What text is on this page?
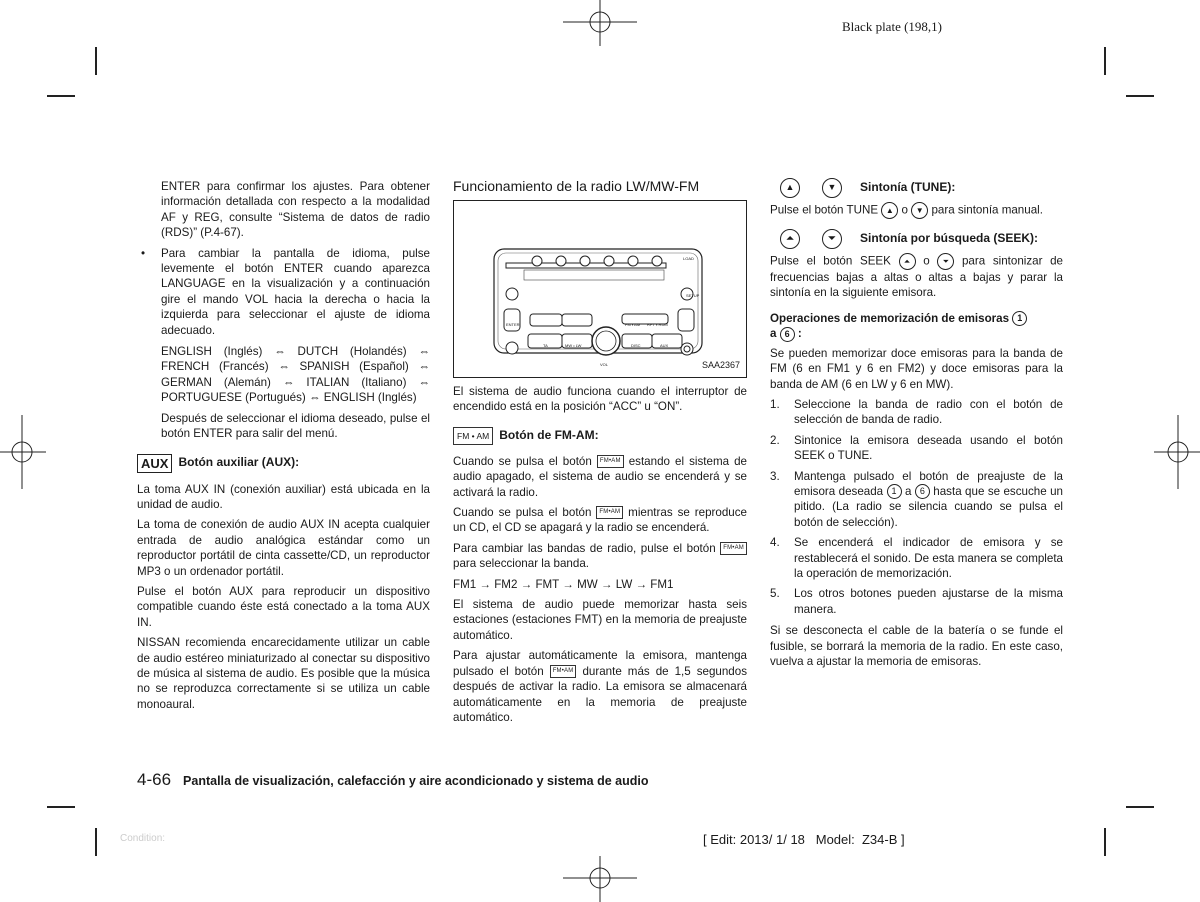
Black plate (198,1)

ENTER para confirmar los ajustes. Para obtener información detallada con respecto a la modalidad AF y REG, consulte “Sistema de datos de radio (RDS)” (P.4-67).

• Para cambiar la pantalla de idioma, pulse levemente el botón ENTER cuando aparezca LANGUAGE en la visualización y a continuación gire el mando VOL hacia la derecha o hacia la izquierda para seleccionar el ajuste de idioma adecuado.

ENGLISH (Inglés) ⇔ DUTCH (Holandés) ⇔ FRENCH (Francés) ⇔ SPANISH (Español) ⇔ GERMAN (Alemán) ⇔ ITALIAN (Italiano) ⇔ PORTUGUESE (Portugués) ⇔ ENGLISH (Inglés)

Después de seleccionar el idioma deseado, pulse el botón ENTER para salir del menú.

AUX Botón auxiliar (AUX):

La toma AUX IN (conexión auxiliar) está ubicada en la unidad de audio.

La toma de conexión de audio AUX IN acepta cualquier entrada de audio analógica estándar como un reproductor portátil de cinta cassette/CD, un reproductor MP3 o un ordenador portátil.

Pulse el botón AUX para reproducir un dispositivo compatible cuando éste está conectado a la toma AUX IN.

NISSAN recomienda encarecidamente utilizar un cable de audio estéreo miniaturizado al conectar su dispositivo de música al sistema de audio. Es posible que la música no se reproduzca correctamente si se utiliza un cable monoaural.

Funcionamiento de la radio LW/MW-FM
SETUP
ENTER
TA	MW • LW	DISC	AUX
FM • AM RPT • RDM
LOAD
VOL	SAA2367

El sistema de audio funciona cuando el interruptor de encendido está en la posición “ACC” u “ON”.

FM • AM Botón de FM-AM:

Cuando se pulsa el botón FM•AM estando el sistema de audio apagado, el sistema de audio se encenderá y se activará la radio.

Cuando se pulsa el botón FM•AM mientras se reproduce un CD, el CD se apagará y la radio se encenderá.

Para cambiar las bandas de radio, pulse el botón FM•AM para seleccionar la banda.

FM1 → FM2 → FMT → MW → LW → FM1

El sistema de audio puede memorizar hasta seis estaciones (estaciones FMT) en la memoria de preajuste automático.

Para ajustar automáticamente la emisora, mantenga pulsado el botón FM•AM durante más de 1,5 segundos después de activar la radio. La emisora se almacenará automáticamente en la memoria de preajuste automático.

▲	▼	Sintonía (TUNE):

Pulse el botón TUNE ▲ o ▼ para sintonía manual.

⏶	⏷	Sintonía por búsqueda (SEEK):

Pulse el botón SEEK ⏶ o ⏷ para sintonizar de frecuencias bajas a altas o altas a bajas y parar la sintonía en la siguiente emisora.

Operaciones de memorización de emisoras 1
a 6 :

Se pueden memorizar doce emisoras para la banda de FM (6 en FM1 y 6 en FM2) y doce emisoras para la banda de AM (6 en LW y 6 en MW).

1.	Seleccione la banda de radio con el botón de selección de banda de radio.
2.	Sintonice la emisora deseada usando el botón SEEK o TUNE.
3.	Mantenga pulsado el botón de preajuste de la emisora deseada 1 a 6 hasta que se escuche un pitido. (La radio se silencia cuando se pulsa el botón de selección).
4.	Se encenderá el indicador de emisora y se restablecerá el sonido. De esta manera se completa la operación de memorización.
5.	Los otros botones pueden ajustarse de la misma manera.

Si se desconecta el cable de la batería o se funde el fusible, se borrará la memoria de la radio. En este caso, vuelva a ajustar la memoria de emisoras.

4-66 Pantalla de visualización, calefacción y aire acondicionado y sistema de audio
Condition:	[ Edit: 2013/ 1/ 18   Model:  Z34-B ]
